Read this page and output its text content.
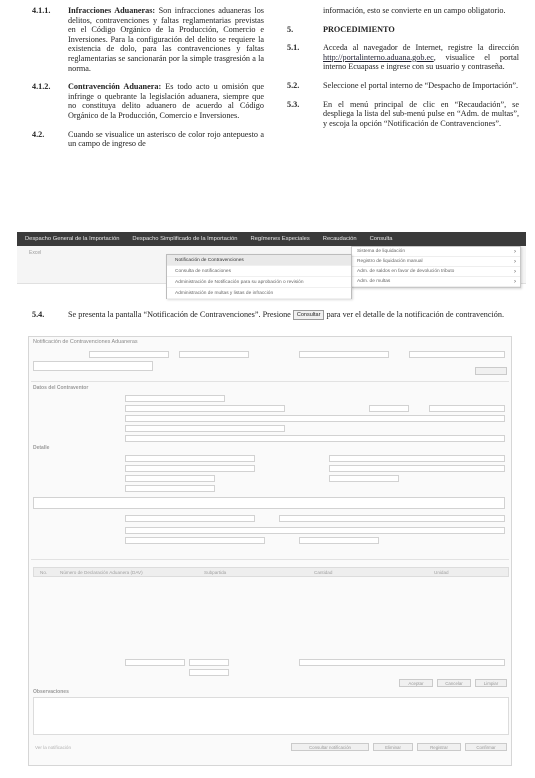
4.1.1.	Infracciones Aduaneras: Son infracciones aduaneras los delitos, contravenciones y faltas reglamentarias previstas en el Código Orgánico de la Producción, Comercio e Inversiones. Para la configuración del delito se requiere la existencia de dolo, para las contravenciones y faltas reglamentarias se sancionarán por la simple trasgresión a la norma.
4.1.2.	Contravención Aduanera: Es todo acto u omisión que infringe o quebrante la legislación aduanera, siempre que no constituya delito aduanero de acuerdo al Código Orgánico de la Producción, Comercio e Inversiones.
4.2.	Cuando se visualice un asterisco de color rojo antepuesto a un campo de ingreso de
información, esto se convierte en un campo obligatorio.
5.	PROCEDIMIENTO
5.1.	Acceda al navegador de Internet, registre la dirección http://portalinterno.aduana.gob.ec, visualice el portal interno Ecuapass e ingrese con su usuario y contraseña.
5.2.	Seleccione el portal interno de “Despacho de Importación”.
5.3.	En el menú principal de clic en “Recaudación”, se despliega la lista del sub-menú pulse en “Adm. de multas”, y escoja la opción “Notificación de Contravenciones”.
Despacho General de la Importación Despacho Simplificado de la Importación Regímenes Especiales Recaudación Consulta
Excel	Sistema de liquidación ›
Registro de liquidación manual ›
Adm. de saldos en favor de devolución tributo ›
Adm. de multas ›
Notificación de Contravenciones
Consulta de notificaciones
Administración de Notificación para su aprobación o revisión
Administración de multas y listas de infracción
5.4.	Se presenta la pantalla “Notificación de Contravenciones”. Presione Consultar para ver el detalle de la notificación de contravención.
Notificación de Contravenciones Aduaneras
Datos del Contraventor
Detalle
No.	Número de Declaración Aduanera (DAV)	Subpartida	Cantidad	Unidad
Aceptar	Cancelar	Limpiar
Observaciones
Ver la notificación	Consultar notificación	Eliminar	Registrar	Confirmar
